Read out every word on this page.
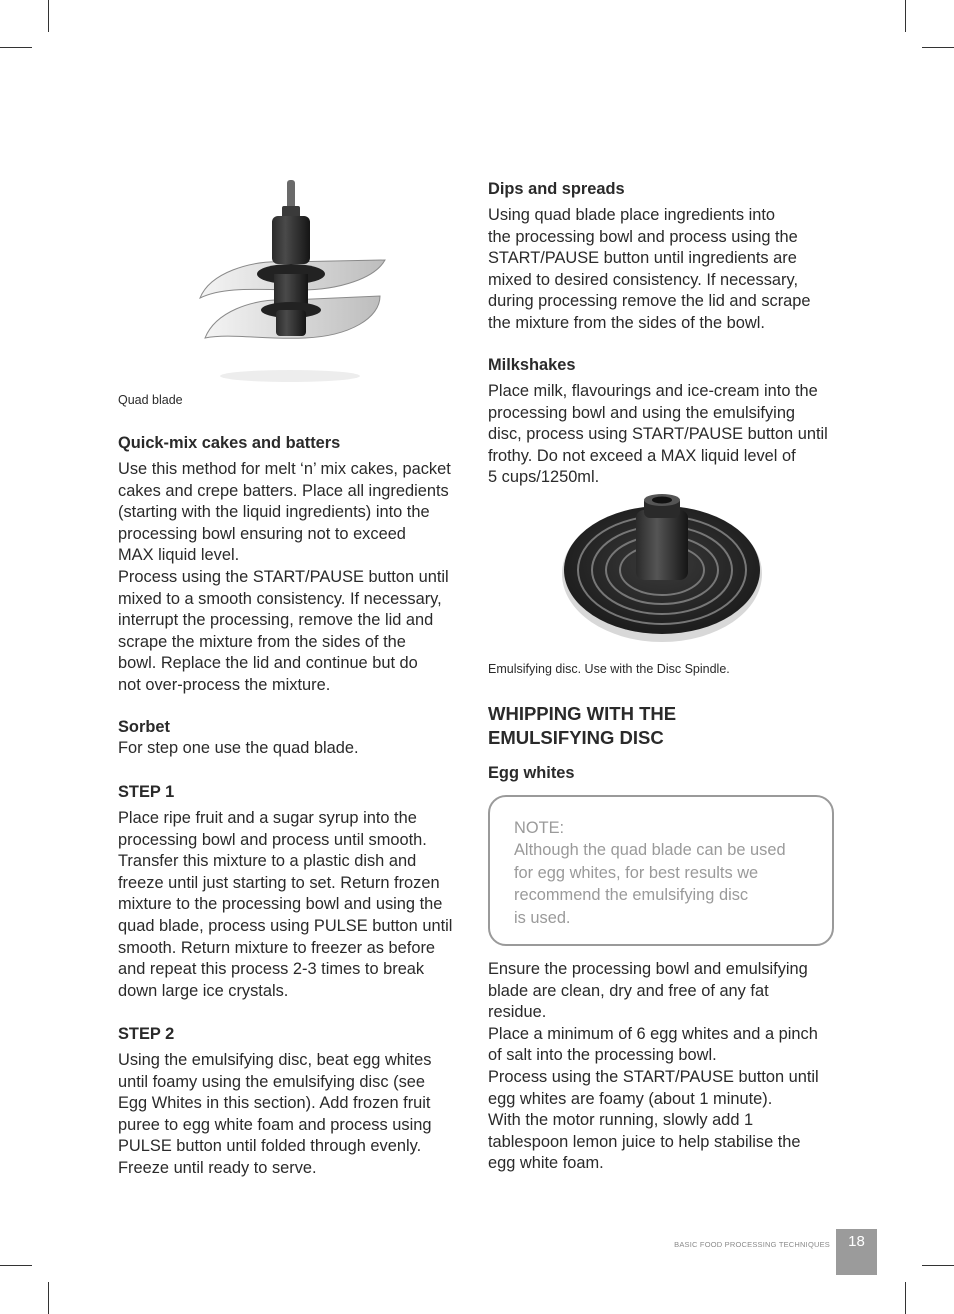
Quad blade

Quick-mix cakes and batters

Use this method for melt ‘n’ mix cakes, packet

cakes and crepe batters. Place all ingredients

(starting with the liquid ingredients) into the

processing bowl ensuring not to exceed

MAX liquid level.

Process using the START/PAUSE button until

mixed to a smooth consistency. If necessary,

interrupt the processing, remove the lid and

scrape the mixture from the sides of the

bowl. Replace the lid and continue but do

not over-process the mixture.

Sorbet

For step one use the quad blade.

STEP 1

Place ripe fruit and a sugar syrup into the

processing bowl and process until smooth.

Transfer this mixture to a plastic dish and

freeze until just starting to set. Return frozen

mixture to the processing bowl and using the

quad blade, process using PULSE button until

smooth. Return mixture to freezer as before

and repeat this process 2-3 times to break

down large ice crystals.

STEP 2

Using the emulsifying disc, beat egg whites

until foamy using the emulsifying disc (see

Egg Whites in this section). Add frozen fruit

puree to egg white foam and process using

PULSE button until folded through evenly.

Freeze until ready to serve.

Dips and spreads

Using quad blade place ingredients into

the processing bowl and process using the

START/PAUSE button until ingredients are

mixed to desired consistency. If necessary,

during processing remove the lid and scrape

the mixture from the sides of the bowl.

Milkshakes

Place milk, flavourings and ice-cream into the

processing bowl and using the emulsifying

disc, process using START/PAUSE button until

frothy. Do not exceed a MAX liquid level of

5 cups/1250ml.

Emulsifying disc. Use with the Disc Spindle.

WHIPPING WITH THE

EMULSIFYING DISC

Egg whites

NOTE:

Although the quad blade can be used

for egg whites, for best results we

recommend the emulsifying disc

is used.

Ensure the processing bowl and emulsifying

blade are clean, dry and free of any fat

residue.

Place a minimum of 6 egg whites and a pinch

of salt into the processing bowl.

Process using the START/PAUSE button until

egg whites are foamy (about 1 minute).

With the motor running, slowly add 1

tablespoon lemon juice to help stabilise the

egg white foam.

BASIC FOOD PROCESSING TECHNIQUES	18
